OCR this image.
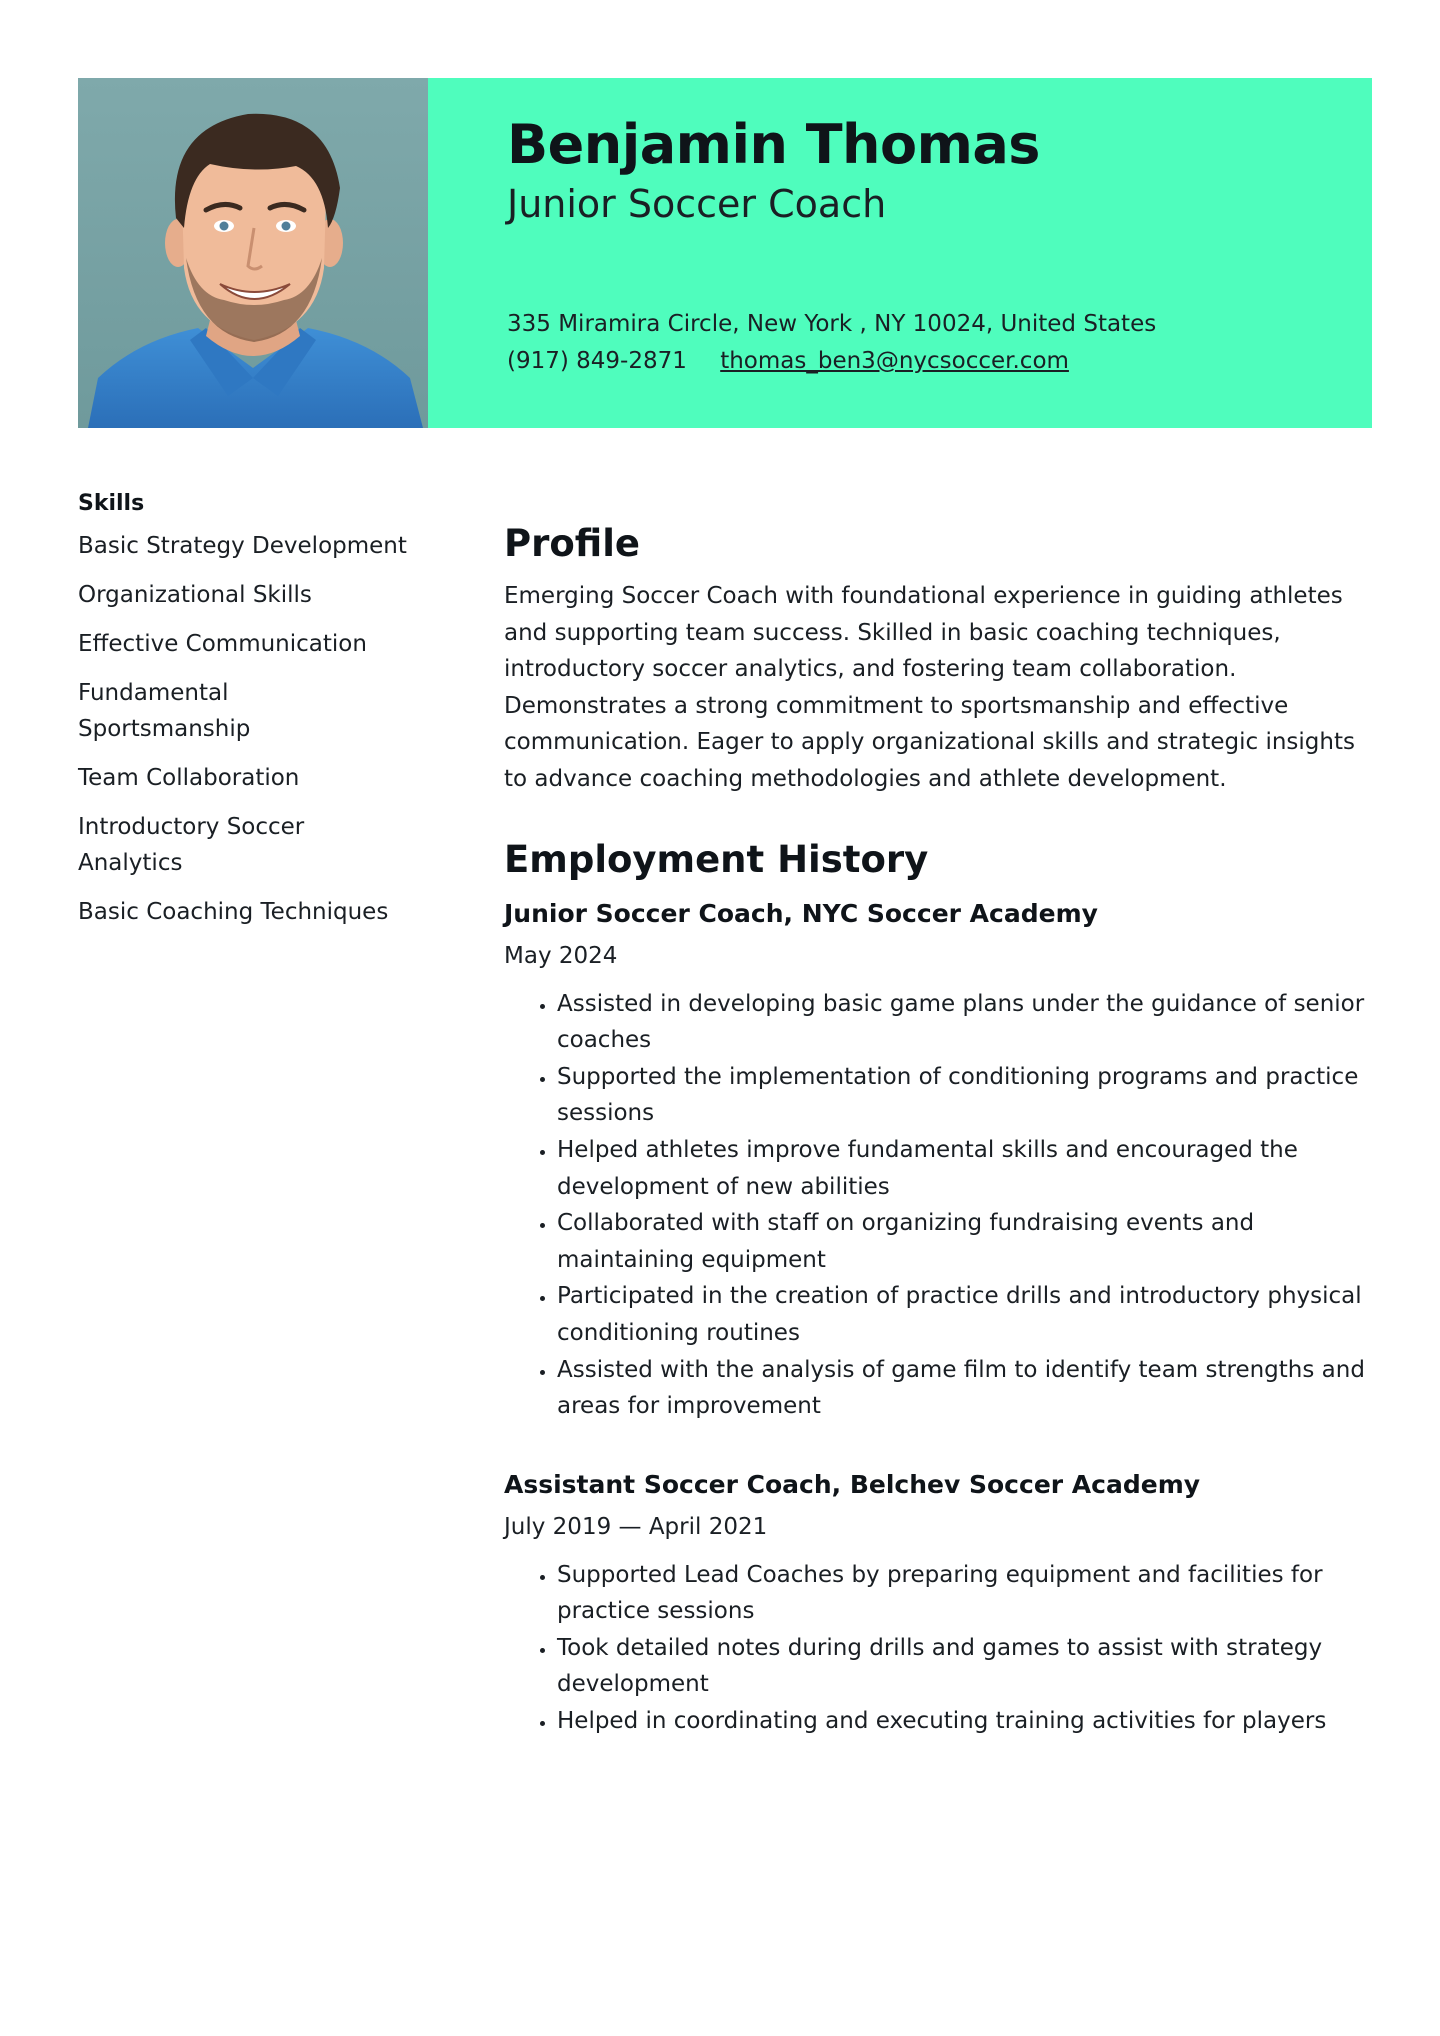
Benjamin Thomas
Junior Soccer Coach
335 Miramira Circle, New York , NY 10024, United States
(917) 849-2871 thomas_ben3@nycsoccer.com
Skills
Basic Strategy Development
Organizational Skills
Effective Communication
Fundamental Sportsmanship
Team Collaboration
Introductory Soccer Analytics
Basic Coaching Techniques
Profile

Emerging Soccer Coach with foundational experience in guiding athletes and supporting team success. Skilled in basic coaching techniques, introductory soccer analytics, and fostering team collaboration. Demonstrates a strong commitment to sportsmanship and effective communication. Eager to apply organizational skills and strategic insights to advance coaching methodologies and athlete development.

Employment History
Junior Soccer Coach, NYC Soccer Academy
May 2024
• Assisted in developing basic game plans under the guidance of senior coaches
• Supported the implementation of conditioning programs and practice sessions
• Helped athletes improve fundamental skills and encouraged the development of new abilities
• Collaborated with staff on organizing fundraising events and maintaining equipment
• Participated in the creation of practice drills and introductory physical conditioning routines
• Assisted with the analysis of game film to identify team strengths and areas for improvement
Assistant Soccer Coach, Belchev Soccer Academy
July 2019 — April 2021
• Supported Lead Coaches by preparing equipment and facilities for practice sessions
• Took detailed notes during drills and games to assist with strategy development
• Helped in coordinating and executing training activities for players
